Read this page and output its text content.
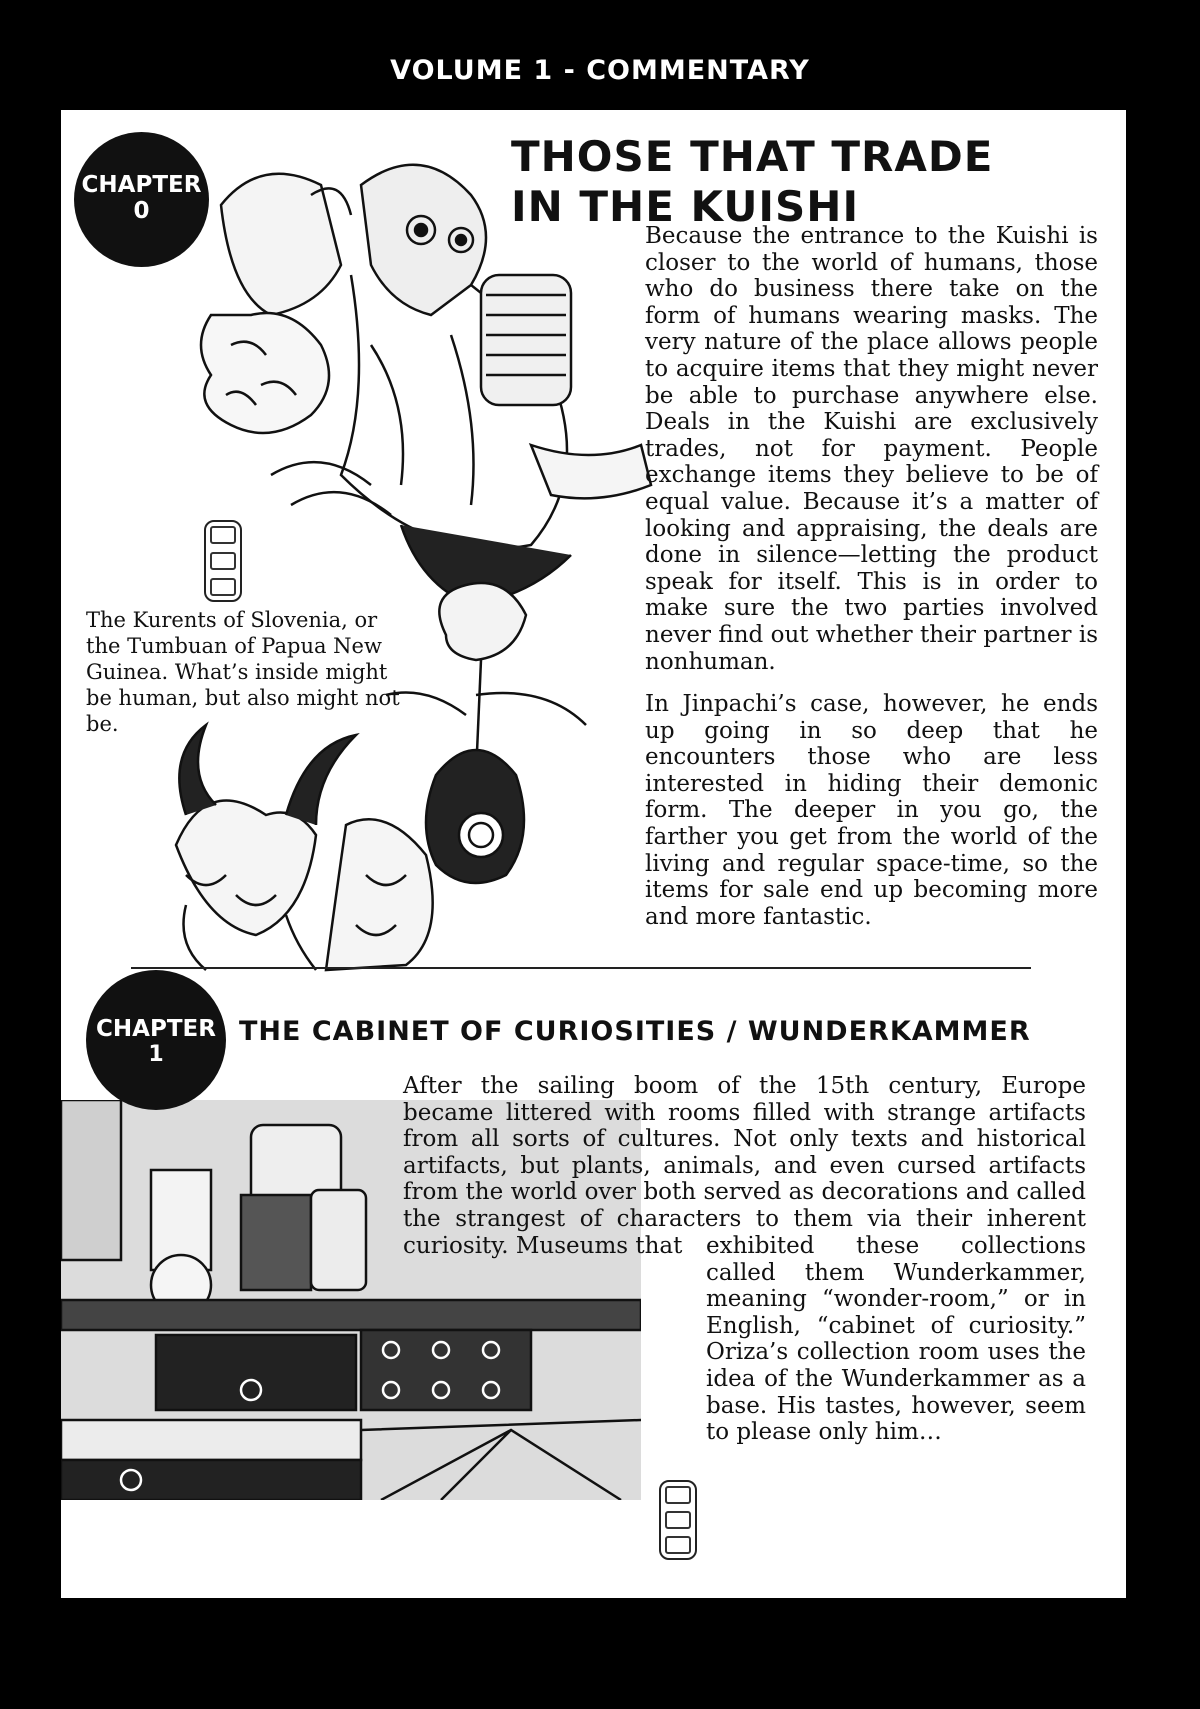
VOLUME 1 - COMMENTARY
CHAPTER
0
THOSE THAT TRADE
IN THE KUISHI

Because the entrance to the Kuishi is closer to the world of humans, those who do business there take on the form of humans wearing masks. The very nature of the place allows people to acquire items that they might never be able to purchase anywhere else. Deals in the Kuishi are exclusively trades, not for payment. People exchange items they believe to be of equal value. Because it’s a matter of looking and appraising, the deals are done in silence—letting the product speak for itself. This is in order to make sure the two parties involved never find out whether their partner is nonhuman.

In Jinpachi’s case, however, he ends up going in so deep that he encounters those who are less interested in hiding their demonic form. The deeper in you go, the farther you get from the world of the living and regular space-time, so the items for sale end up becoming more and more fantastic.

The Kurents of Slovenia, or the Tumbuan of Papua New Guinea. What’s inside might be human, but also might not be.
CHAPTER
1
THE CABINET OF CURIOSITIES / WUNDERKAMMER
After the sailing boom of the 15th century, Europe became littered with rooms filled with strange artifacts from all sorts of cultures. Not only texts and historical artifacts, but plants, animals, and even cursed artifacts from the world over both served as decorations and called the strangest of characters to them via their inherent curiosity. Museums that	exhibited these collections called them Wunderkammer, meaning “wonder-room,” or in English, “cabinet of curiosity.” Oriza’s collection room uses the idea of the Wunderkammer as a base. His tastes, however, seem to please only him…
